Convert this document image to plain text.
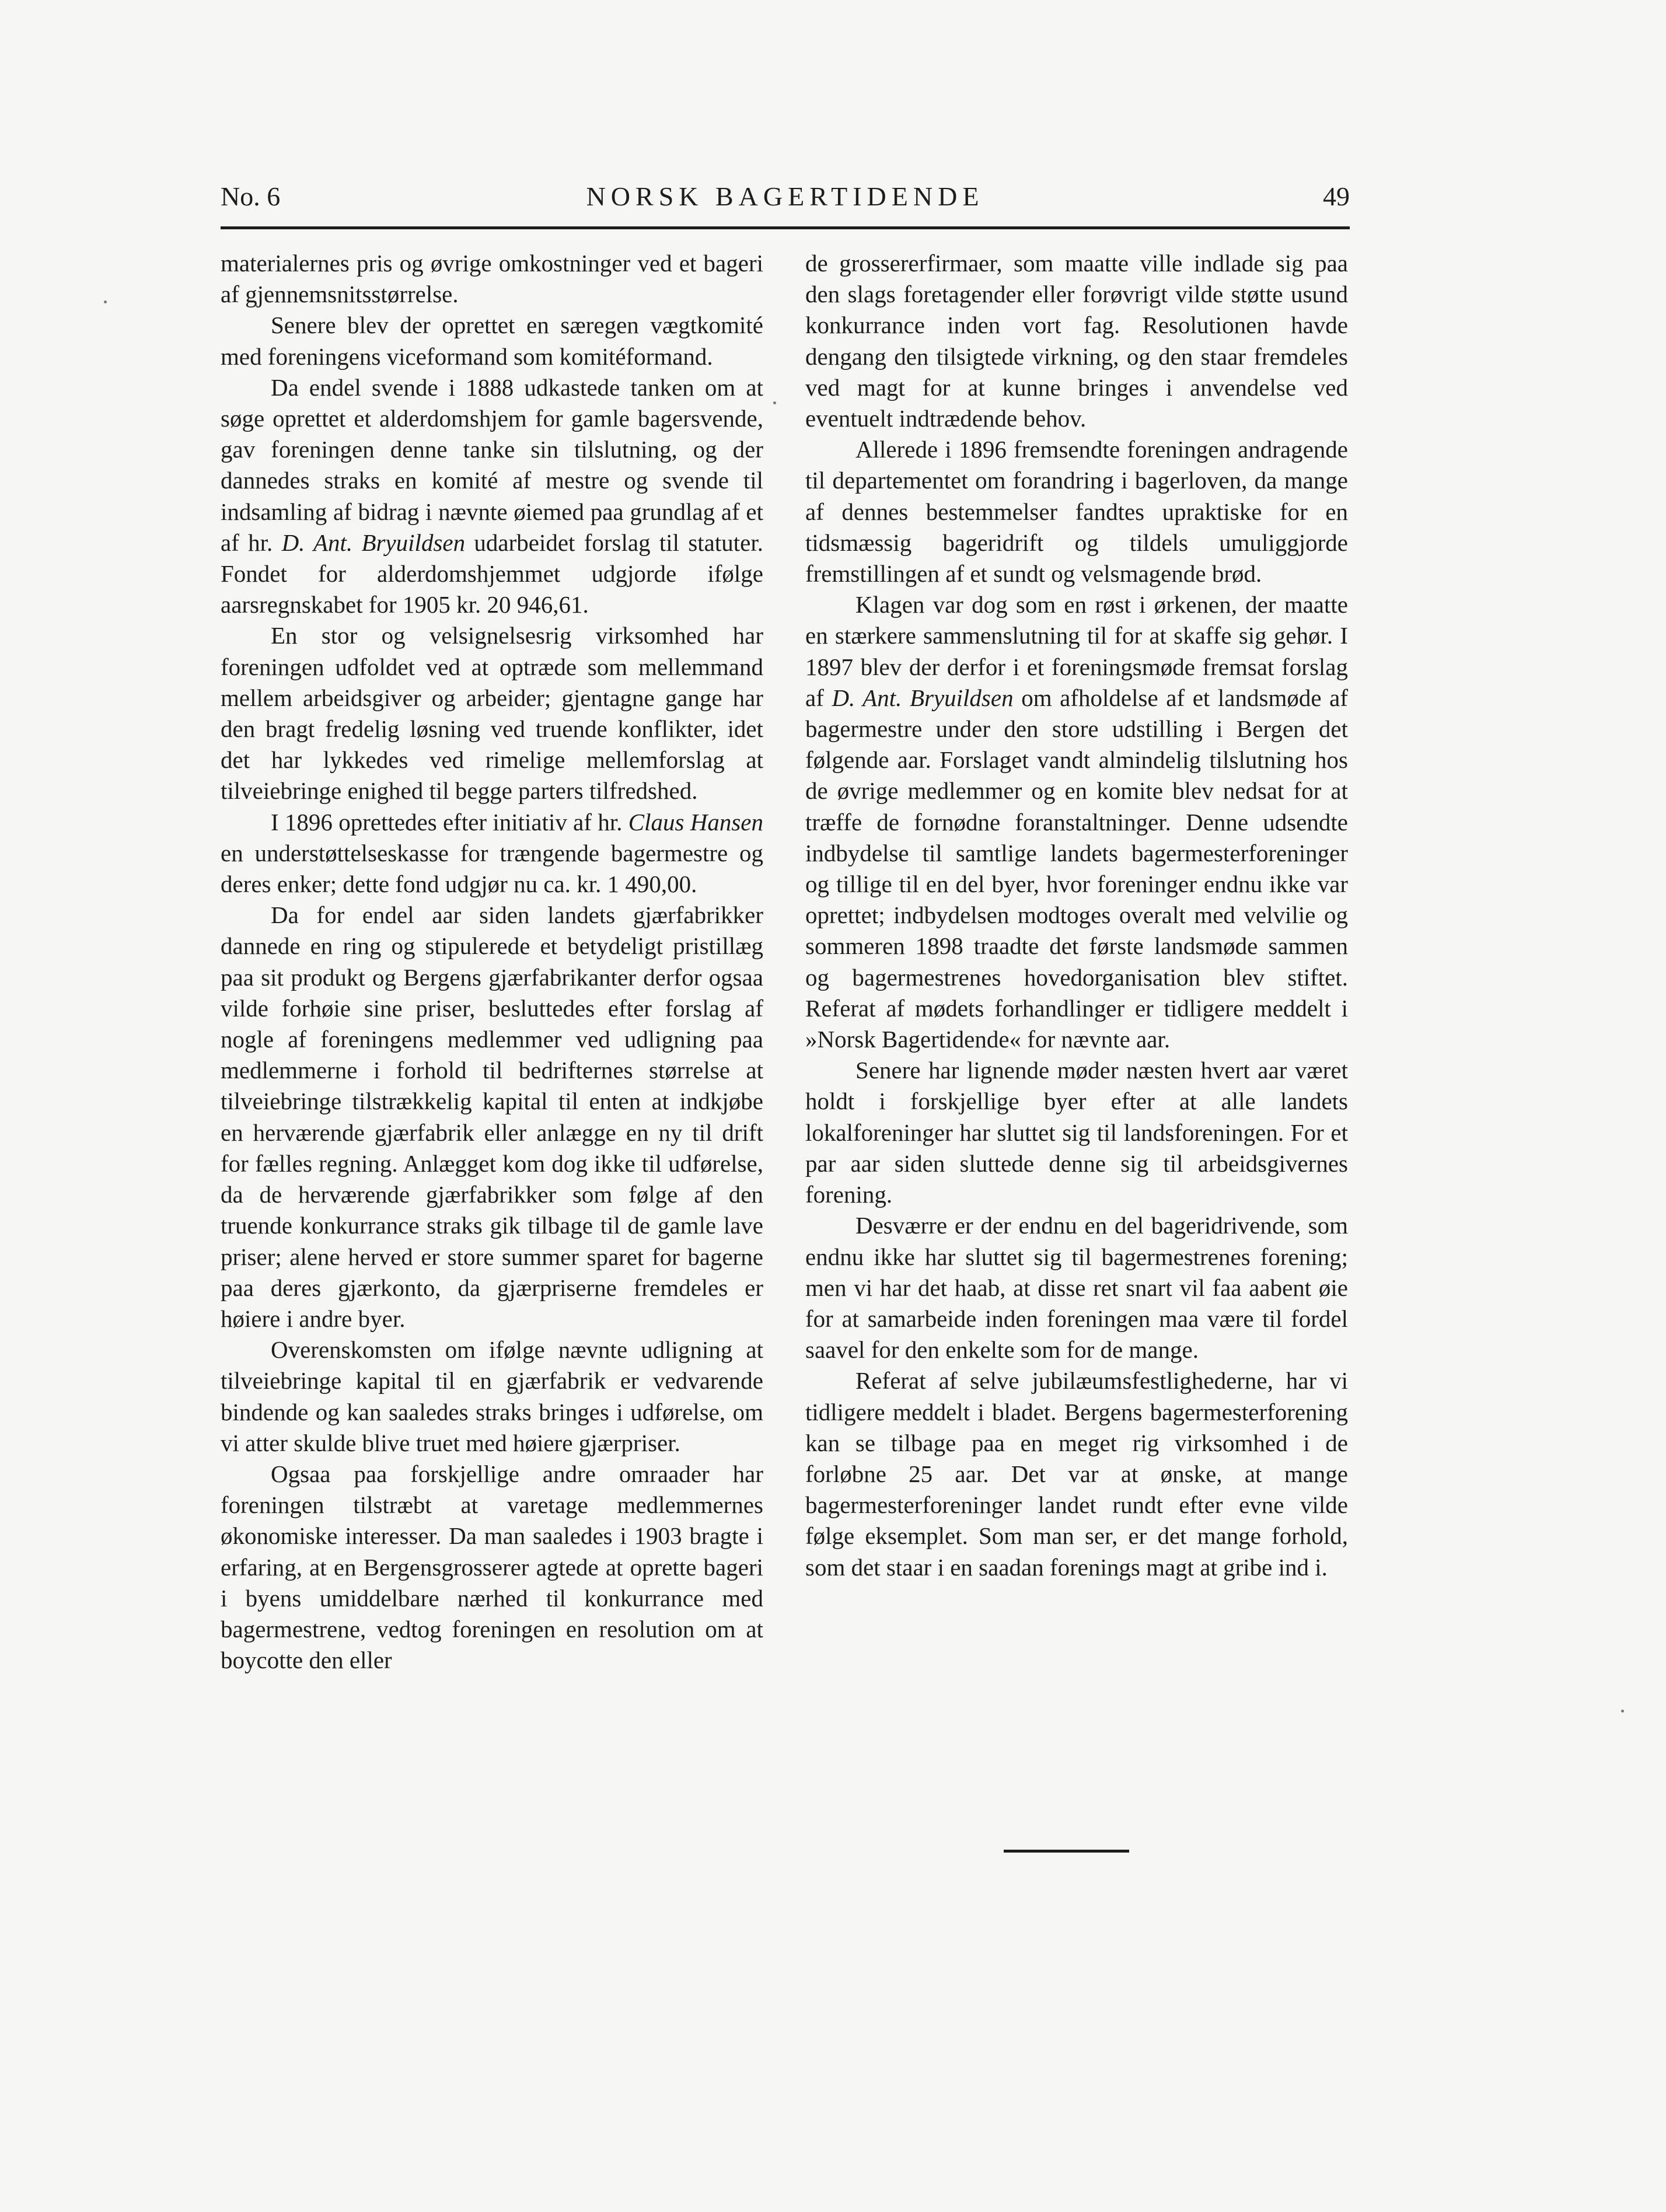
No. 6	NORSK BAGERTIDENDE	49

materialernes pris og øvrige omkostninger ved et bageri af gjennemsnitsstørrelse.

Senere blev der oprettet en særegen vægtkomité med foreningens viceformand som komitéformand.

Da endel svende i 1888 udkastede tanken om at søge oprettet et alderdomshjem for gamle bagersvende, gav foreningen denne tanke sin tilslutning, og der dannedes straks en komité af mestre og svende til indsamling af bidrag i nævnte øiemed paa grundlag af et af hr. D. Ant. Bryuildsen udarbeidet forslag til statuter. Fondet for alderdomshjemmet udgjorde ifølge aarsregnskabet for 1905 kr. 20 946,61.

En stor og velsignelsesrig virksomhed har foreningen udfoldet ved at optræde som mellemmand mellem arbeidsgiver og arbeider; gjentagne gange har den bragt fredelig løsning ved truende konflikter, idet det har lykkedes ved rimelige mellemforslag at tilveiebringe enighed til begge parters tilfredshed.

I 1896 oprettedes efter initiativ af hr. Claus Hansen en understøttelseskasse for trængende bagermestre og deres enker; dette fond udgjør nu ca. kr. 1 490,00.

Da for endel aar siden landets gjærfabrikker dannede en ring og stipulerede et betydeligt pristillæg paa sit produkt og Bergens gjærfabrikanter derfor ogsaa vilde forhøie sine priser, besluttedes efter forslag af nogle af foreningens medlemmer ved udligning paa medlemmerne i forhold til bedrifternes størrelse at tilveiebringe tilstrækkelig kapital til enten at indkjøbe en herværende gjærfabrik eller anlægge en ny til drift for fælles regning. Anlægget kom dog ikke til udførelse, da de herværende gjærfabrikker som følge af den truende konkurrance straks gik tilbage til de gamle lave priser; alene herved er store summer sparet for bagerne paa deres gjærkonto, da gjærpriserne fremdeles er høiere i andre byer.

Overenskomsten om ifølge nævnte udligning at tilveiebringe kapital til en gjærfabrik er vedvarende bindende og kan saaledes straks bringes i udførelse, om vi atter skulde blive truet med høiere gjærpriser.

Ogsaa paa forskjellige andre omraader har foreningen tilstræbt at varetage medlemmernes økonomiske interesser. Da man saaledes i 1903 bragte i erfaring, at en Bergensgrosserer agtede at oprette bageri i byens umiddelbare nærhed til konkurrance med bagermestrene, vedtog foreningen en resolution om at boycotte den eller

de grossererfirmaer, som maatte ville indlade sig paa den slags foretagender eller forøvrigt vilde støtte usund konkurrance inden vort fag. Resolutionen havde dengang den tilsigtede virkning, og den staar fremdeles ved magt for at kunne bringes i anvendelse ved eventuelt indtrædende behov.

Allerede i 1896 fremsendte foreningen andragende til departementet om forandring i bagerloven, da mange af dennes bestemmelser fandtes upraktiske for en tidsmæssig bageridrift og tildels umuliggjorde fremstillingen af et sundt og velsmagende brød.

Klagen var dog som en røst i ørkenen, der maatte en stærkere sammenslutning til for at skaffe sig gehør. I 1897 blev der derfor i et foreningsmøde fremsat forslag af D. Ant. Bryuildsen om afholdelse af et landsmøde af bagermestre under den store udstilling i Bergen det følgende aar. Forslaget vandt almindelig tilslutning hos de øvrige medlemmer og en komite blev nedsat for at træffe de fornødne foranstaltninger. Denne udsendte indbydelse til samtlige landets bagermesterforeninger og tillige til en del byer, hvor foreninger endnu ikke var oprettet; indbydelsen modtoges overalt med velvilie og sommeren 1898 traadte det første landsmøde sammen og bagermestrenes hovedorganisation blev stiftet. Referat af mødets forhandlinger er tidligere meddelt i »Norsk Bagertidende« for nævnte aar.

Senere har lignende møder næsten hvert aar været holdt i forskjellige byer efter at alle landets lokalforeninger har sluttet sig til landsforeningen. For et par aar siden sluttede denne sig til arbeidsgivernes forening.

Desværre er der endnu en del bageridrivende, som endnu ikke har sluttet sig til bagermestrenes forening; men vi har det haab, at disse ret snart vil faa aabent øie for at samarbeide inden foreningen maa være til fordel saavel for den enkelte som for de mange.

Referat af selve jubilæumsfestlighederne, har vi tidligere meddelt i bladet. Bergens bagermesterforening kan se tilbage paa en meget rig virksomhed i de forløbne 25 aar. Det var at ønske, at mange bagermesterforeninger landet rundt efter evne vilde følge eksemplet. Som man ser, er det mange forhold, som det staar i en saadan forenings magt at gribe ind i.
